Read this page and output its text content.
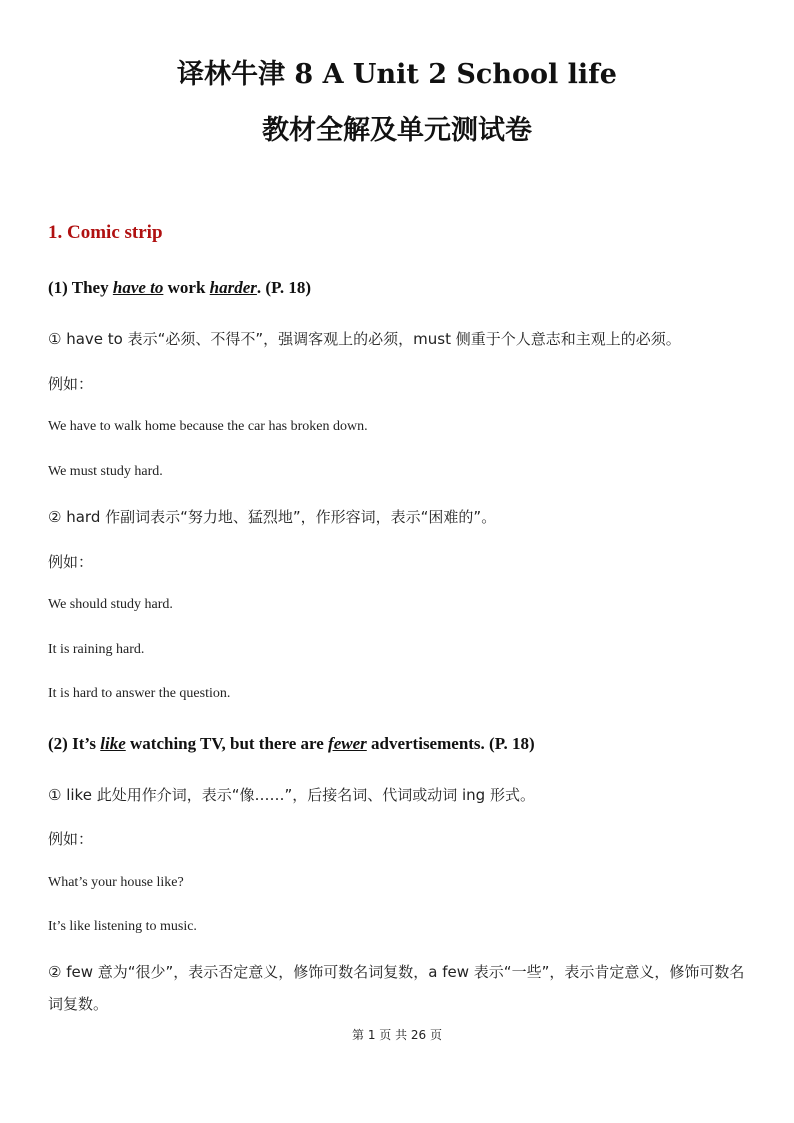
译林牛津 8 A Unit 2 School life
教材全解及单元测试卷
1. Comic strip
(1) They have to work harder. (P. 18)
① have to 表示“必须、不得不”，强调客观上的必须，must 侧重于个人意志和主观上的必须。
例如：
We have to walk home because the car has broken down.
We must study hard.
② hard 作副词表示“努力地、猛烈地”，作形容词，表示“困难的”。
例如：
We should study hard.
It is raining hard.
It is hard to answer the question.
(2) It’s like watching TV, but there are fewer advertisements. (P. 18)
① like 此处用作介词，表示“像……”，后接名词、代词或动词 ing 形式。
例如：
What’s your house like?
It’s like listening to music.
② few 意为“很少”，表示否定意义，修饰可数名词复数，a few 表示“一些”，表示肯定意义，修饰可数名词复数。
第 1 页 共 26 页
